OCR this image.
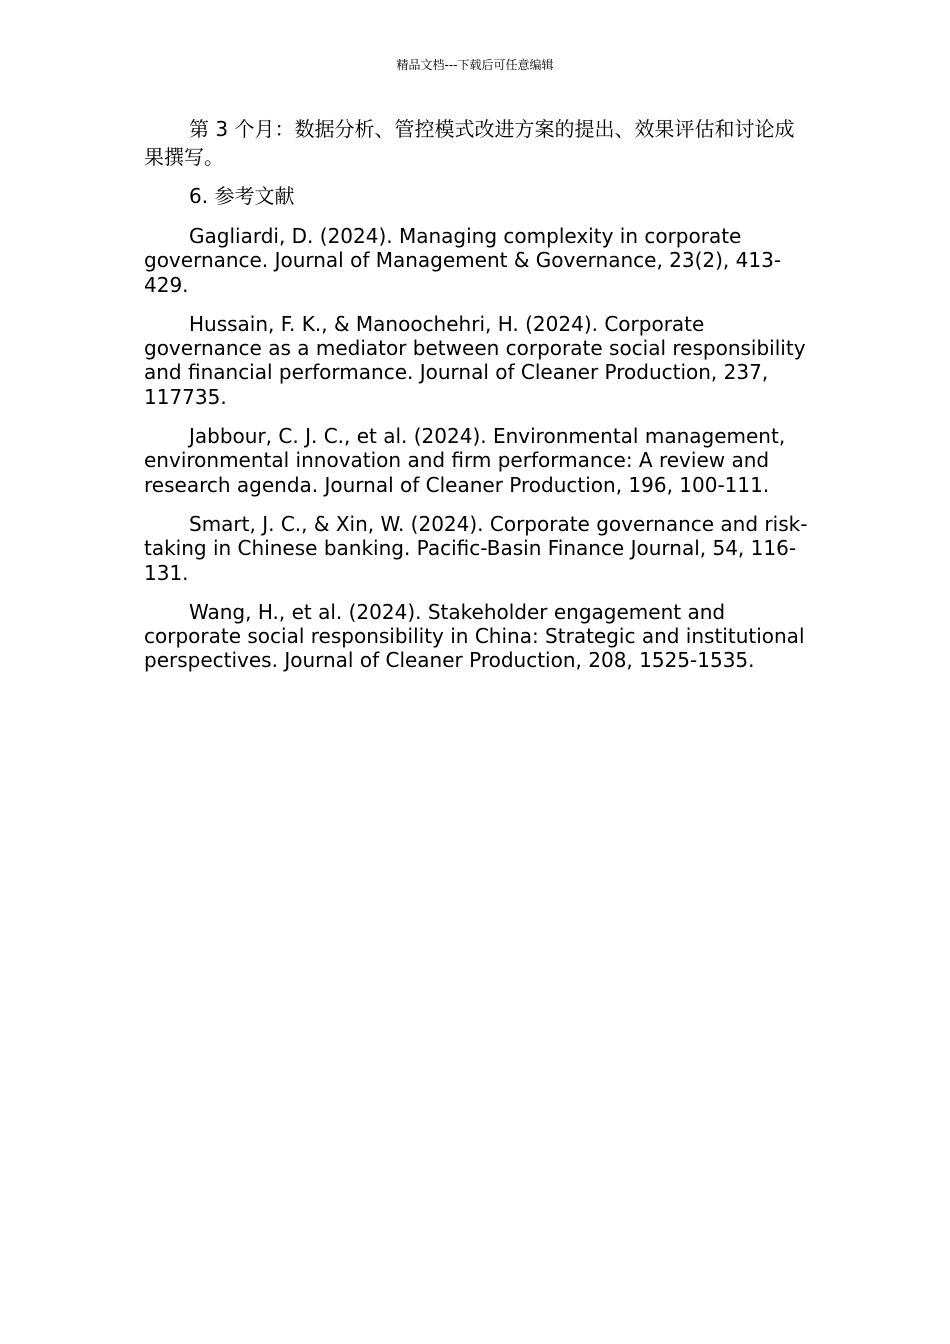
精品文档---下载后可任意编辑

第 3 个月：数据分析、管控模式改进方案的提出、效果评估和讨论成果撰写。

6. 参考文献

Gagliardi, D. (2024). Managing complexity in corporate governance. Journal of Management & Governance, 23(2), 413-429.

Hussain, F. K., & Manoochehri, H. (2024). Corporate governance as a mediator between corporate social responsibility and financial performance. Journal of Cleaner Production, 237, 117735.

Jabbour, C. J. C., et al. (2024). Environmental management, environmental innovation and firm performance: A review and research agenda. Journal of Cleaner Production, 196, 100-111.

Smart, J. C., & Xin, W. (2024). Corporate governance and risk-taking in Chinese banking. Pacific-Basin Finance Journal, 54, 116-131.

Wang, H., et al. (2024). Stakeholder engagement and corporate social responsibility in China: Strategic and institutional perspectives. Journal of Cleaner Production, 208, 1525-1535.
